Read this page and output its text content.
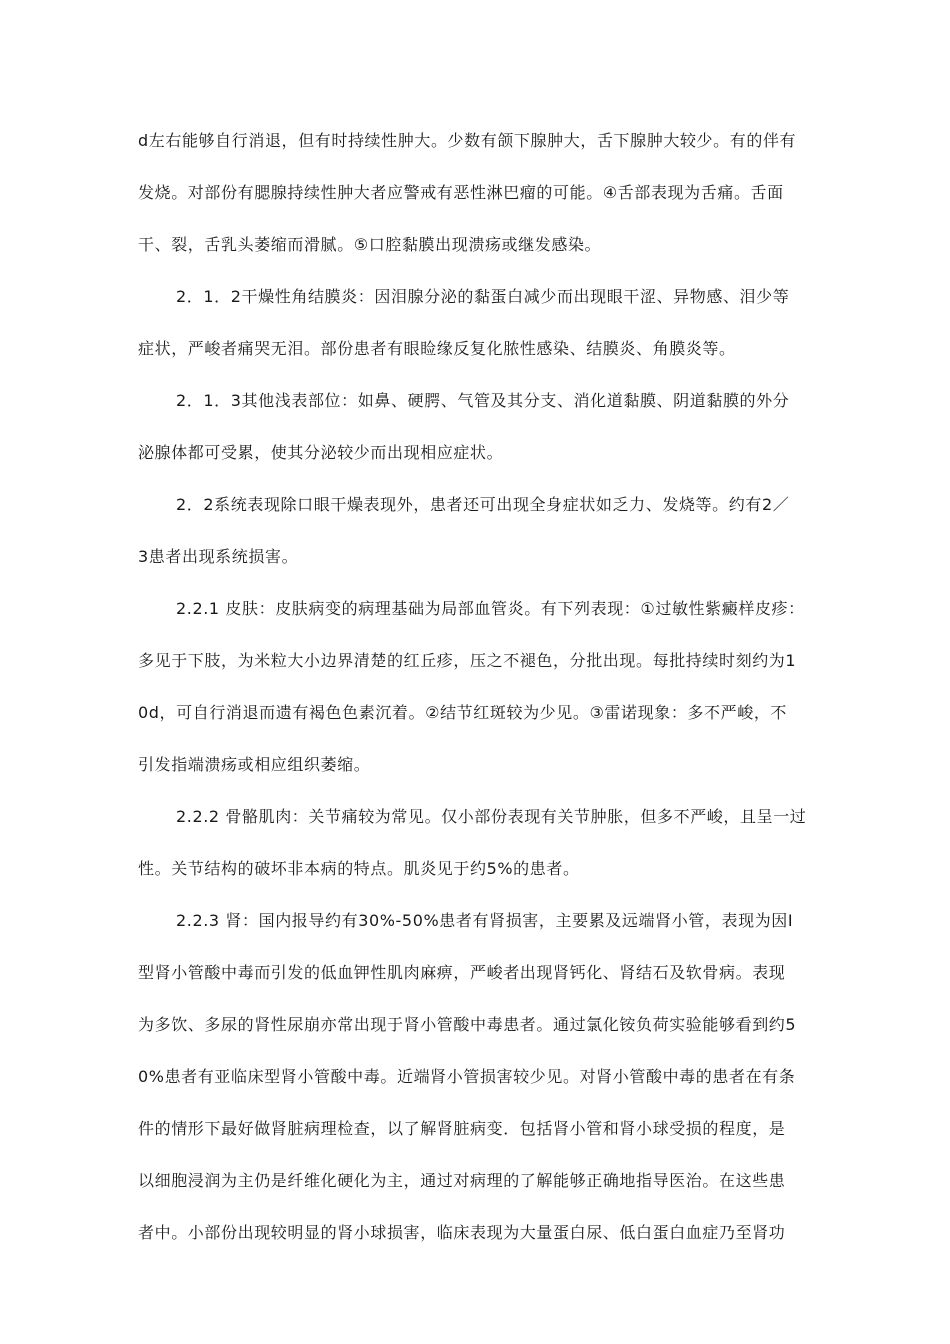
d左右能够自行消退，但有时持续性肿大。少数有颌下腺肿大，舌下腺肿大较少。有的伴有
发烧。对部份有腮腺持续性肿大者应警戒有恶性淋巴瘤的可能。④舌部表现为舌痛。舌面
干、裂，舌乳头萎缩而滑腻。⑤口腔黏膜出现溃疡或继发感染。
2．1．2干燥性角结膜炎：因泪腺分泌的黏蛋白减少而出现眼干涩、异物感、泪少等
症状，严峻者痛哭无泪。部份患者有眼睑缘反复化脓性感染、结膜炎、角膜炎等。
2．1．3其他浅表部位：如鼻、硬腭、气管及其分支、消化道黏膜、阴道黏膜的外分
泌腺体都可受累，使其分泌较少而出现相应症状。
2．2系统表现除口眼干燥表现外，患者还可出现全身症状如乏力、发烧等。约有2／
3患者出现系统损害。
2.2.1 皮肤：皮肤病变的病理基础为局部血管炎。有下列表现：①过敏性紫癜样皮疹：
多见于下肢，为米粒大小边界清楚的红丘疹，压之不褪色，分批出现。每批持续时刻约为1
0d，可自行消退而遗有褐色色素沉着。②结节红斑较为少见。③雷诺现象：多不严峻，不
引发指端溃疡或相应组织萎缩。
2.2.2 骨骼肌肉：关节痛较为常见。仅小部份表现有关节肿胀，但多不严峻，且呈一过
性。关节结构的破坏非本病的特点。肌炎见于约5%的患者。
2.2.3 肾：国内报导约有30%-50%患者有肾损害，主要累及远端肾小管，表现为因Ⅰ
型肾小管酸中毒而引发的低血钾性肌肉麻痹，严峻者出现肾钙化、肾结石及软骨病。表现
为多饮、多尿的肾性尿崩亦常出现于肾小管酸中毒患者。通过氯化铵负荷实验能够看到约5
0%患者有亚临床型肾小管酸中毒。近端肾小管损害较少见。对肾小管酸中毒的患者在有条
件的情形下最好做肾脏病理检查，以了解肾脏病变．包括肾小管和肾小球受损的程度，是
以细胞浸润为主仍是纤维化硬化为主，通过对病理的了解能够正确地指导医治。在这些患
者中。小部份出现较明显的肾小球损害，临床表现为大量蛋白尿、低白蛋白血症乃至肾功
